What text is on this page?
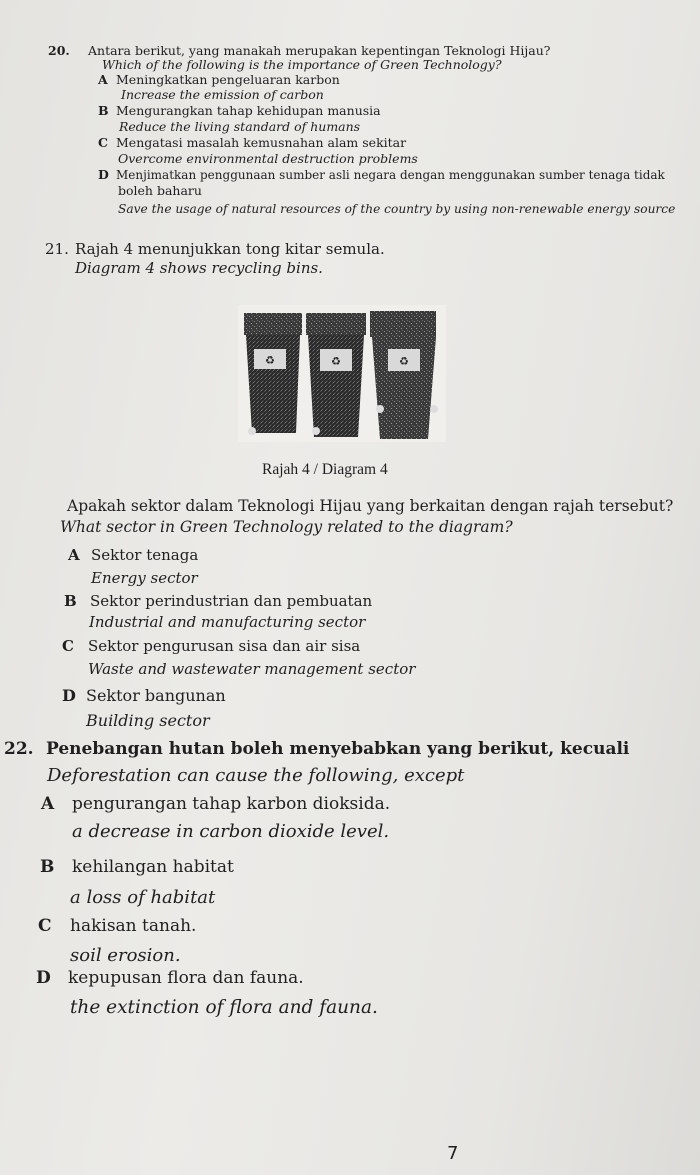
20. Antara berikut, yang manakah merupakan kepentingan Teknologi Hijau?
Which of the following is the importance of Green Technology?
A Meningkatkan pengeluaran karbon
Increase the emission of carbon
B Mengurangkan tahap kehidupan manusia
Reduce the living standard of humans
C Mengatasi masalah kemusnahan alam sekitar
Overcome environmental destruction problems
D Menjimatkan penggunaan sumber asli negara dengan menggunakan sumber tenaga tidak
boleh baharu
Save the usage of natural resources of the country by using non-renewable energy source
21. Rajah 4 menunjukkan tong kitar semula.
Diagram 4 shows recycling bins.
♻	♻	♻
Rajah 4 / Diagram 4
Apakah sektor dalam Teknologi Hijau yang berkaitan dengan rajah tersebut?
What sector in Green Technology related to the diagram?
A Sektor tenaga
Energy sector
B Sektor perindustrian dan pembuatan
Industrial and manufacturing sector
C Sektor pengurusan sisa dan air sisa
Waste and wastewater management sector
D Sektor bangunan
Building sector
22. Penebangan hutan boleh menyebabkan yang berikut, kecuali
Deforestation can cause the following, except
A pengurangan tahap karbon dioksida.
a decrease in carbon dioxide level.
B kehilangan habitat
a loss of habitat
C hakisan tanah.
soil erosion.
D kepupusan flora dan fauna.
the extinction of flora and fauna.
7
